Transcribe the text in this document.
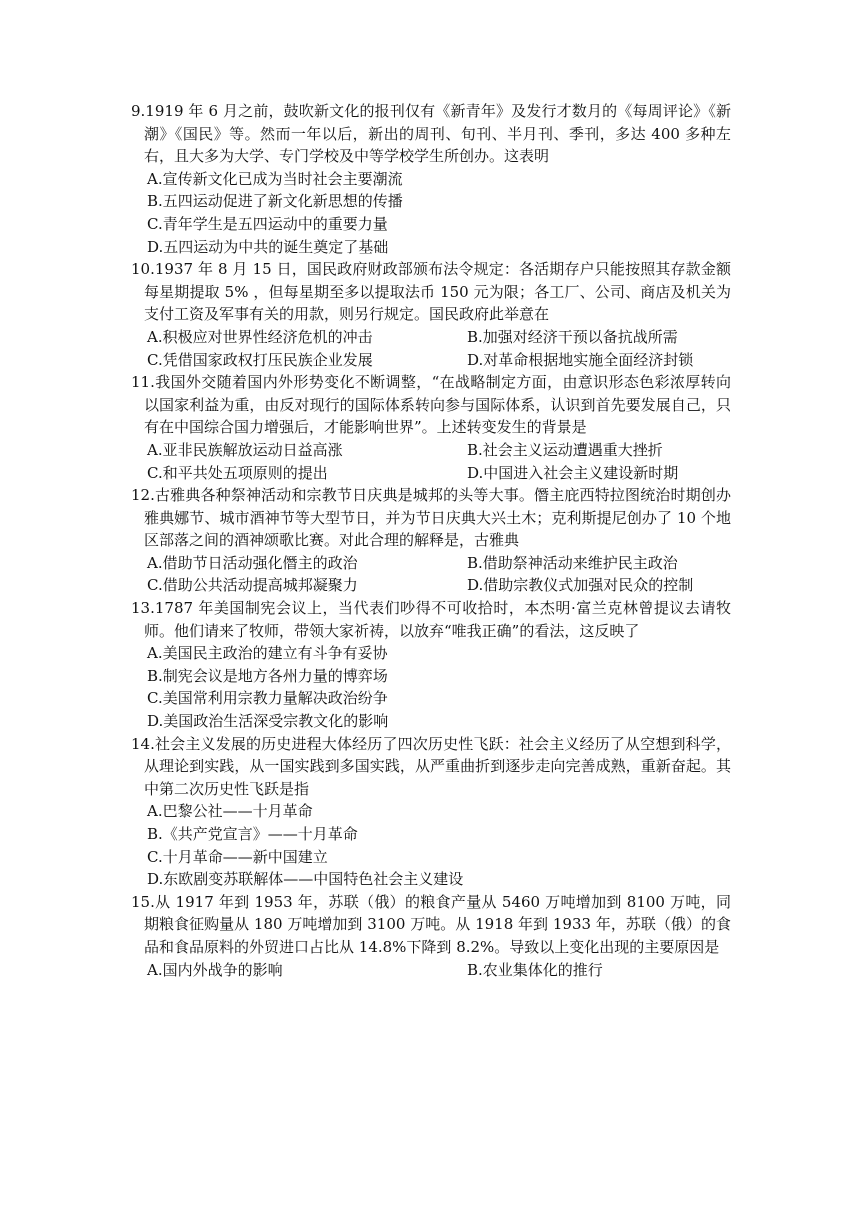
9.1919 年 6 月之前，鼓吹新文化的报刊仅有《新青年》及发行才数月的《每周评论》《新潮》《国民》等。然而一年以后，新出的周刊、旬刊、半月刊、季刊，多达 400 多种左右，且大多为大学、专门学校及中等学校学生所创办。这表明

A.宣传新文化已成为当时社会主要潮流

B.五四运动促进了新文化新思想的传播

C.青年学生是五四运动中的重要力量

D.五四运动为中共的诞生奠定了基础

10.1937 年 8 月 15 日，国民政府财政部颁布法令规定：各活期存户只能按照其存款金额每星期提取 5% ，但每星期至多以提取法币 150 元为限；各工厂、公司、商店及机关为支付工资及军事有关的用款，则另行规定。国民政府此举意在

A.积极应对世界性经济危机的冲击	B.加强对经济干预以备抗战所需

C.凭借国家政权打压民族企业发展	D.对革命根据地实施全面经济封锁

11.我国外交随着国内外形势变化不断调整，“在战略制定方面，由意识形态色彩浓厚转向以国家利益为重，由反对现行的国际体系转向参与国际体系，认识到首先要发展自己，只有在中国综合国力增强后，才能影响世界”。上述转变发生的背景是

A.亚非民族解放运动日益高涨	B.社会主义运动遭遇重大挫折

C.和平共处五项原则的提出	D.中国进入社会主义建设新时期

12.古雅典各种祭神活动和宗教节日庆典是城邦的头等大事。僭主庇西特拉图统治时期创办雅典娜节、城市酒神节等大型节日，并为节日庆典大兴土木；克利斯提尼创办了 10 个地区部落之间的酒神颂歌比赛。对此合理的解释是，古雅典

A.借助节日活动强化僭主的政治	B.借助祭神活动来维护民主政治

C.借助公共活动提高城邦凝聚力	D.借助宗教仪式加强对民众的控制

13.1787 年美国制宪会议上，当代表们吵得不可收拾时，本杰明·富兰克林曾提议去请牧师。他们请来了牧师，带领大家祈祷，以放弃“唯我正确”的看法，这反映了

A.美国民主政治的建立有斗争有妥协

B.制宪会议是地方各州力量的博弈场

C.美国常利用宗教力量解决政治纷争

D.美国政治生活深受宗教文化的影响

14.社会主义发展的历史进程大体经历了四次历史性飞跃：社会主义经历了从空想到科学，从理论到实践，从一国实践到多国实践，从严重曲折到逐步走向完善成熟，重新奋起。其中第二次历史性飞跃是指

A.巴黎公社——十月革命

B.《共产党宣言》——十月革命

C.十月革命——新中国建立

D.东欧剧变苏联解体——中国特色社会主义建设

15.从 1917 年到 1953 年，苏联（俄）的粮食产量从 5460 万吨增加到 8100 万吨，同期粮食征购量从 180 万吨增加到 3100 万吨。从 1918 年到 1933 年，苏联（俄）的食品和食品原料的外贸进口占比从 14.8%下降到 8.2%。导致以上变化出现的主要原因是

A.国内外战争的影响	B.农业集体化的推行
